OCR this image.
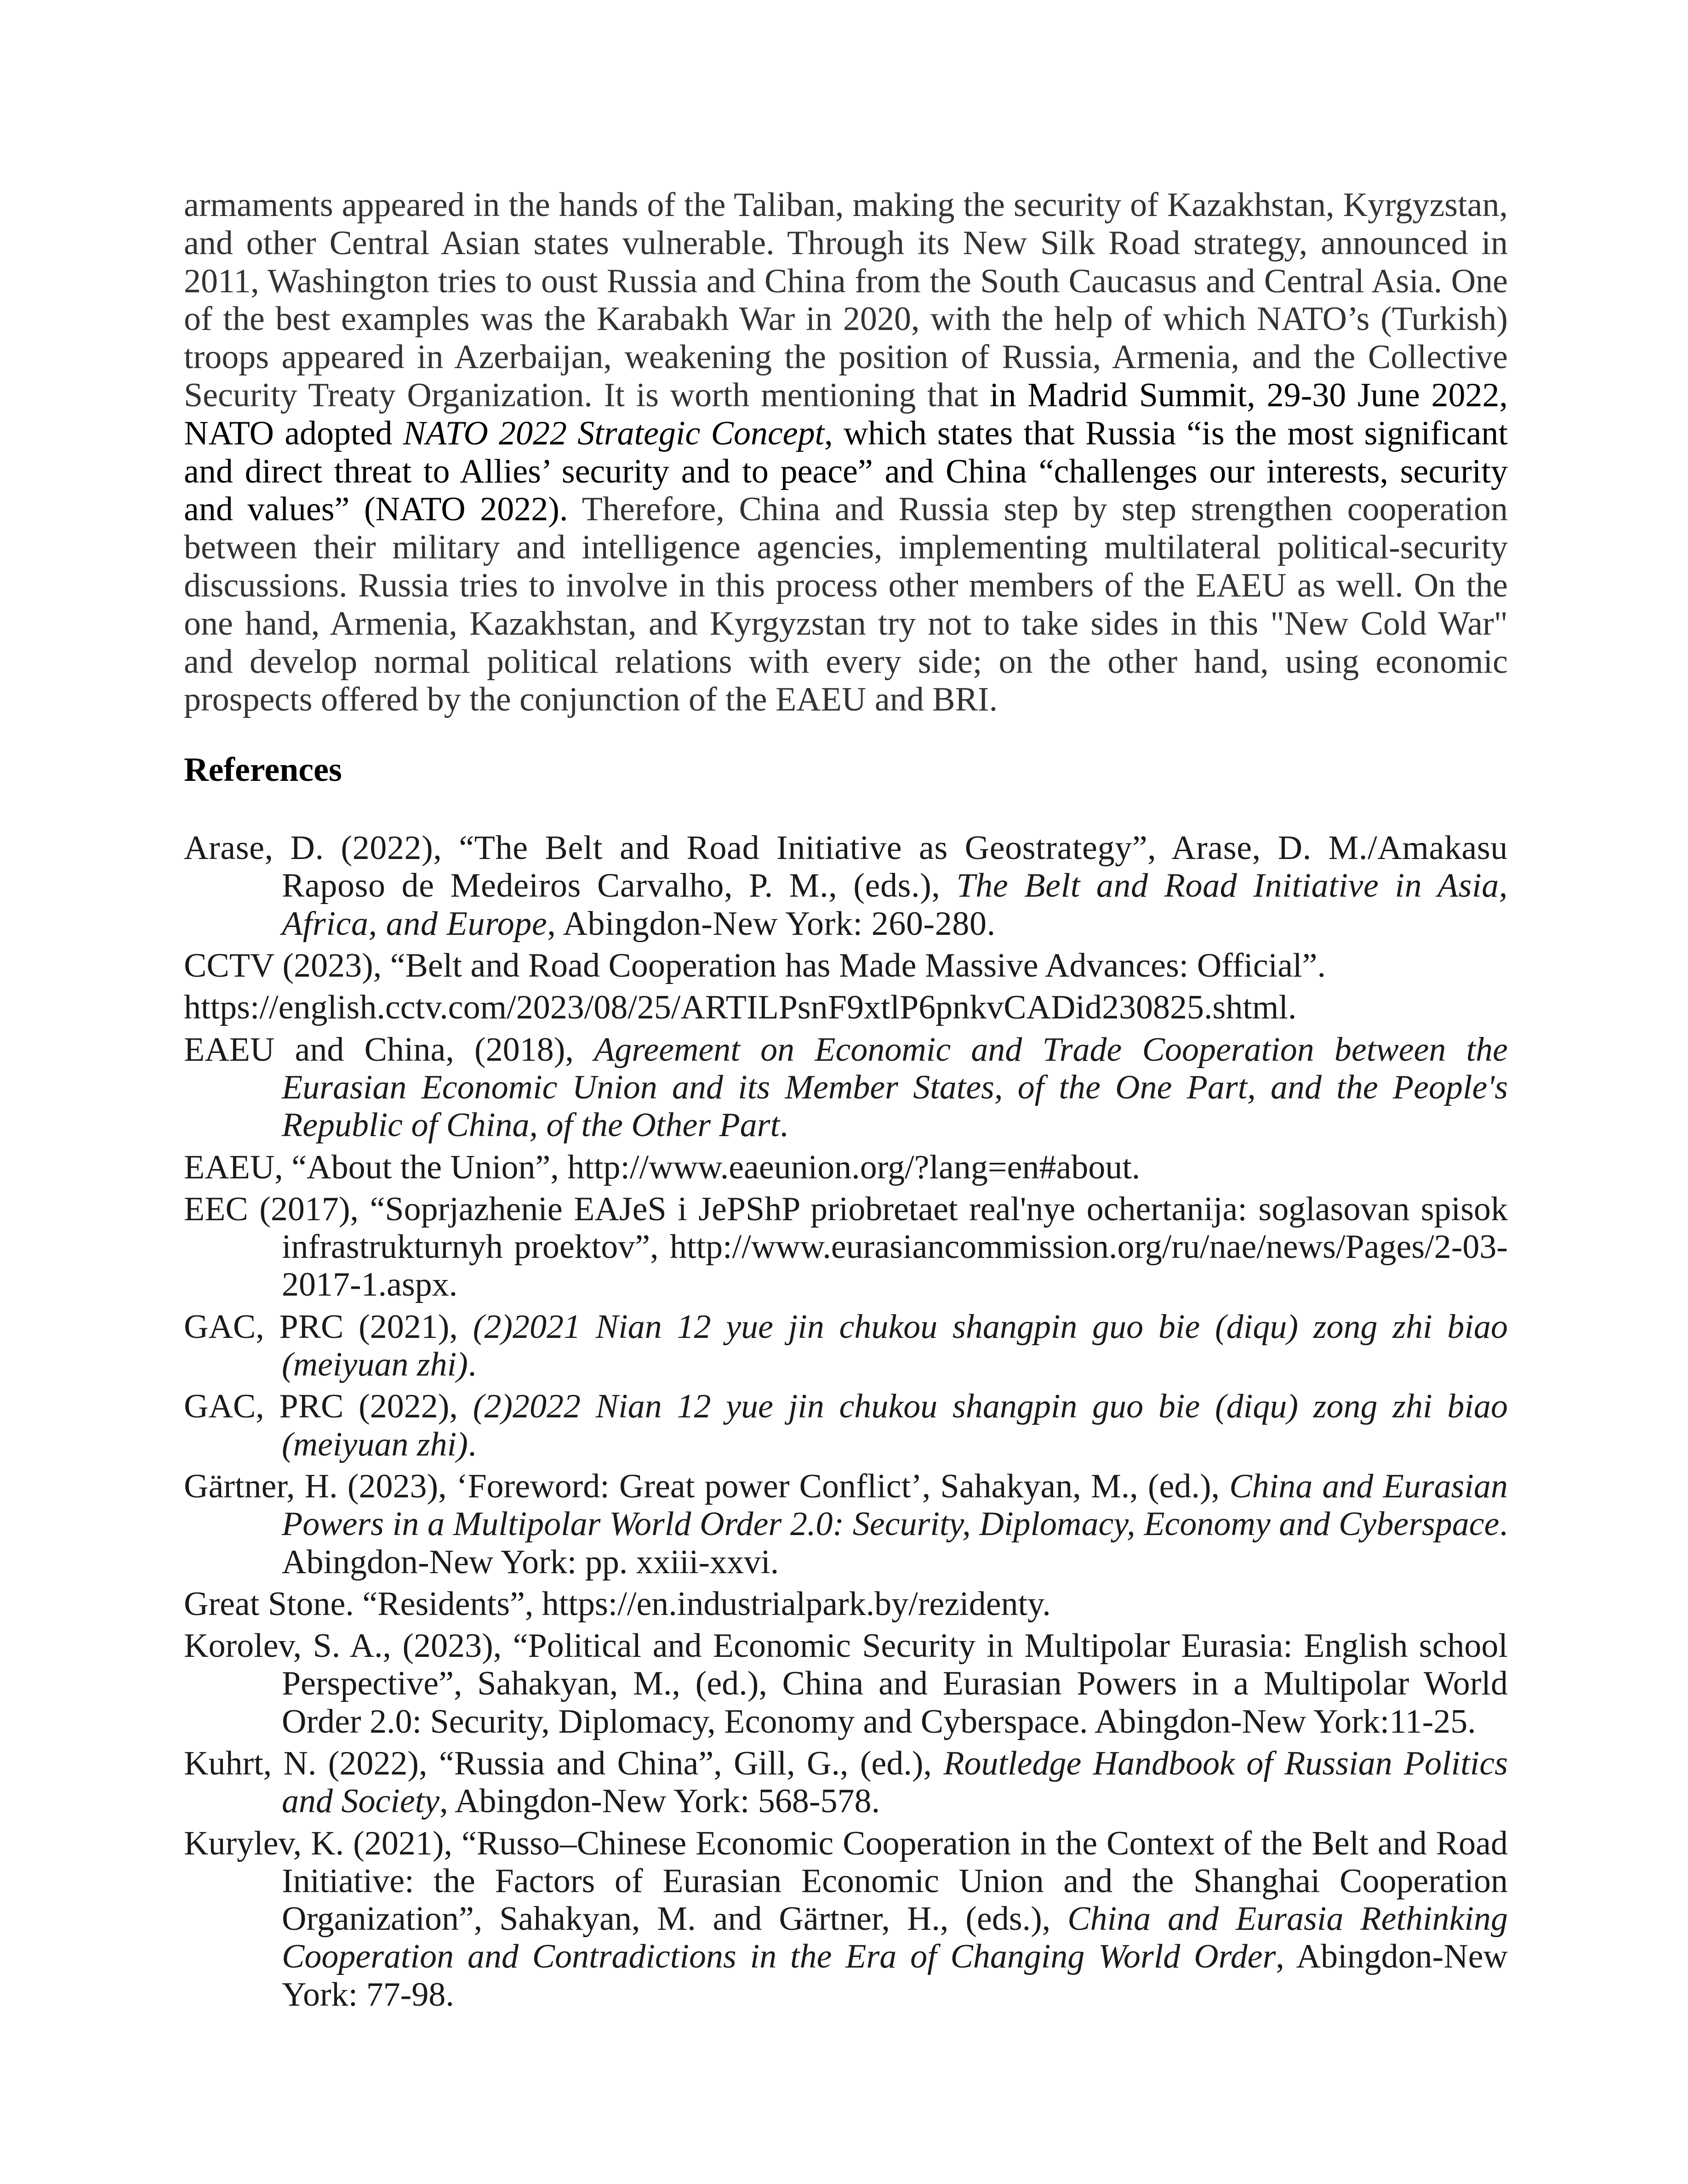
armaments appeared in the hands of the Taliban, making the security of Kazakhstan, Kyrgyzstan, and other Central Asian states vulnerable. Through its New Silk Road strategy, announced in 2011, Washington tries to oust Russia and China from the South Caucasus and Central Asia. One of the best examples was the Karabakh War in 2020, with the help of which NATO’s (Turkish) troops appeared in Azerbaijan, weakening the position of Russia, Armenia, and the Collective Security Treaty Organization. It is worth mentioning that in Madrid Summit, 29-30 June 2022, NATO adopted NATO 2022 Strategic Concept, which states that Russia “is the most significant and direct threat to Allies’ security and to peace” and China “challenges our interests, security and values” (NATO 2022). Therefore, China and Russia step by step strengthen cooperation between their military and intelligence agencies, implementing multilateral political-security discussions. Russia tries to involve in this process other members of the EAEU as well. On the one hand, Armenia, Kazakhstan, and Kyrgyzstan try not to take sides in this "New Cold War" and develop normal political relations with every side; on the other hand, using economic prospects offered by the conjunction of the EAEU and BRI.

References

Arase, D. (2022), “The Belt and Road Initiative as Geostrategy”, Arase, D. M./Amakasu Raposo de Medeiros Carvalho, P. M., (eds.), The Belt and Road Initiative in Asia, Africa, and Europe, Abingdon-New York: 260-280.

CCTV (2023), “Belt and Road Cooperation has Made Massive Advances: Official”.

https://english.cctv.com/2023/08/25/ARTILPsnF9xtlP6pnkvCADid230825.shtml.

EAEU and China, (2018), Agreement on Economic and Trade Cooperation between the Eurasian Economic Union and its Member States, of the One Part, and the People's Republic of China, of the Other Part.

EAEU, “About the Union”, http://www.eaeunion.org/?lang=en#about.

EEC (2017), “Soprjazhenie EAJeS i JePShP priobretaet real'nye ochertanija: soglasovan spisok infrastrukturnyh proektov”, http://www.eurasiancommission.org/ru/nae/news/Pages/2-03-2017-1.aspx.

GAC, PRC (2021), (2)2021 Nian 12 yue jin chukou shangpin guo bie (diqu) zong zhi biao (meiyuan zhi).

GAC, PRC (2022), (2)2022 Nian 12 yue jin chukou shangpin guo bie (diqu) zong zhi biao (meiyuan zhi).

Gärtner, H. (2023), ‘Foreword: Great power Conflict’, Sahakyan, M., (ed.), China and Eurasian Powers in a Multipolar World Order 2.0: Security, Diplomacy, Economy and Cyberspace. Abingdon-New York: pp. xxiii-xxvi.

Great Stone. “Residents”, https://en.industrialpark.by/rezidenty.

Korolev, S. A., (2023), “Political and Economic Security in Multipolar Eurasia: English school Perspective”, Sahakyan, M., (ed.), China and Eurasian Powers in a Multipolar World Order 2.0: Security, Diplomacy, Economy and Cyberspace. Abingdon-New York:11-25.

Kuhrt, N. (2022), “Russia and China”, Gill, G., (ed.), Routledge Handbook of Russian Politics and Society, Abingdon-New York: 568-578.

Kurylev, K. (2021), “Russo–Chinese Economic Cooperation in the Context of the Belt and Road Initiative: the Factors of Eurasian Economic Union and the Shanghai Cooperation Organization”, Sahakyan, M. and Gärtner, H., (eds.), China and Eurasia Rethinking Cooperation and Contradictions in the Era of Changing World Order, Abingdon-New York: 77-98.
